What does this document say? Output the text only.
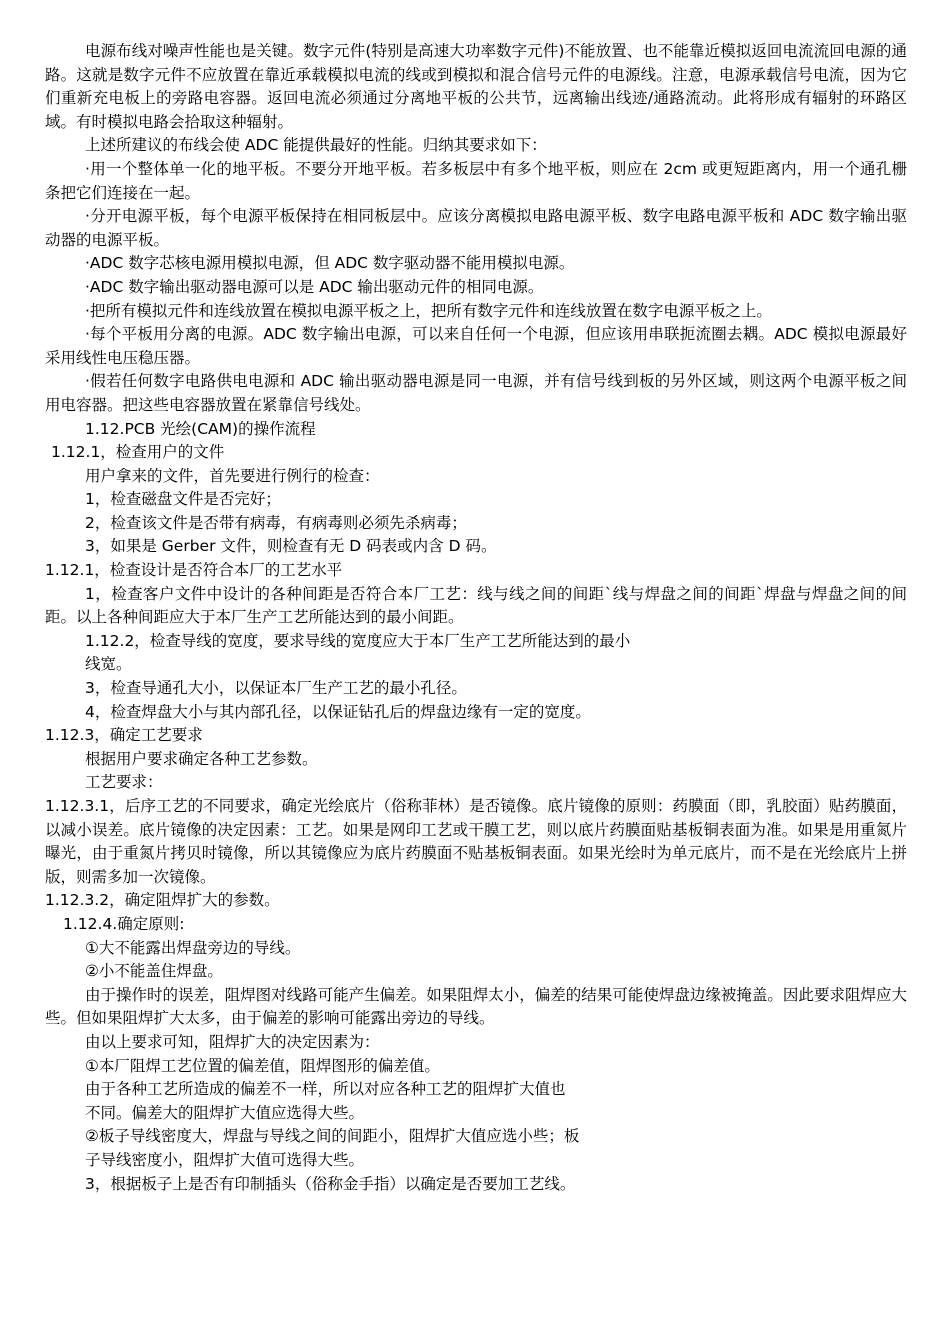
电源布线对噪声性能也是关键。数字元件(特别是高速大功率数字元件)不能放置、也不能靠近模拟返回电流流回电源的通路。这就是数字元件不应放置在靠近承载模拟电流的线或到模拟和混合信号元件的电源线。注意，电源承载信号电流，因为它们重新充电板上的旁路电容器。返回电流必须通过分离地平板的公共节，远离输出线迹/通路流动。此将形成有辐射的环路区域。有时模拟电路会拾取这种辐射。

上述所建议的布线会使 ADC 能提供最好的性能。归纳其要求如下：

·用一个整体单一化的地平板。不要分开地平板。若多板层中有多个地平板，则应在 2cm 或更短距离内，用一个通孔栅条把它们连接在一起。

·分开电源平板，每个电源平板保持在相同板层中。应该分离模拟电路电源平板、数字电路电源平板和 ADC 数字输出驱动器的电源平板。

·ADC 数字芯核电源用模拟电源，但 ADC 数字驱动器不能用模拟电源。

·ADC 数字输出驱动器电源可以是 ADC 输出驱动元件的相同电源。

·把所有模拟元件和连线放置在模拟电源平板之上，把所有数字元件和连线放置在数字电源平板之上。

·每个平板用分离的电源。ADC 数字输出电源，可以来自任何一个电源，但应该用串联扼流圈去耦。ADC 模拟电源最好采用线性电压稳压器。

·假若任何数字电路供电电源和 ADC 输出驱动器电源是同一电源，并有信号线到板的另外区域，则这两个电源平板之间用电容器。把这些电容器放置在紧靠信号线处。

1.12.PCB 光绘(CAM)的操作流程

1.12.1，检查用户的文件

用户拿来的文件，首先要进行例行的检查：

1，检查磁盘文件是否完好；

2，检查该文件是否带有病毒，有病毒则必须先杀病毒；

3，如果是 Gerber 文件，则检查有无 D 码表或内含 D 码。

1.12.1，检查设计是否符合本厂的工艺水平

1，检查客户文件中设计的各种间距是否符合本厂工艺：线与线之间的间距`线与焊盘之间的间距`焊盘与焊盘之间的间距。以上各种间距应大于本厂生产工艺所能达到的最小间距。

1.12.2，检查导线的宽度，要求导线的宽度应大于本厂生产工艺所能达到的最小

线宽。

3，检查导通孔大小，以保证本厂生产工艺的最小孔径。

4，检查焊盘大小与其内部孔径，以保证钻孔后的焊盘边缘有一定的宽度。

1.12.3，确定工艺要求

根据用户要求确定各种工艺参数。

工艺要求：

1.12.3.1，后序工艺的不同要求，确定光绘底片（俗称菲林）是否镜像。底片镜像的原则：药膜面（即，乳胶面）贴药膜面，以减小误差。底片镜像的决定因素：工艺。如果是网印工艺或干膜工艺，则以底片药膜面贴基板铜表面为准。如果是用重氮片曝光，由于重氮片拷贝时镜像，所以其镜像应为底片药膜面不贴基板铜表面。如果光绘时为单元底片，而不是在光绘底片上拼版，则需多加一次镜像。

1.12.3.2，确定阻焊扩大的参数。

1.12.4.确定原则:

①大不能露出焊盘旁边的导线。

②小不能盖住焊盘。

由于操作时的误差，阻焊图对线路可能产生偏差。如果阻焊太小，偏差的结果可能使焊盘边缘被掩盖。因此要求阻焊应大些。但如果阻焊扩大太多，由于偏差的影响可能露出旁边的导线。

由以上要求可知，阻焊扩大的决定因素为：

①本厂阻焊工艺位置的偏差值，阻焊图形的偏差值。

由于各种工艺所造成的偏差不一样，所以对应各种工艺的阻焊扩大值也

不同。偏差大的阻焊扩大值应选得大些。

②板子导线密度大，焊盘与导线之间的间距小，阻焊扩大值应选小些；板

子导线密度小，阻焊扩大值可选得大些。

3，根据板子上是否有印制插头（俗称金手指）以确定是否要加工艺线。
